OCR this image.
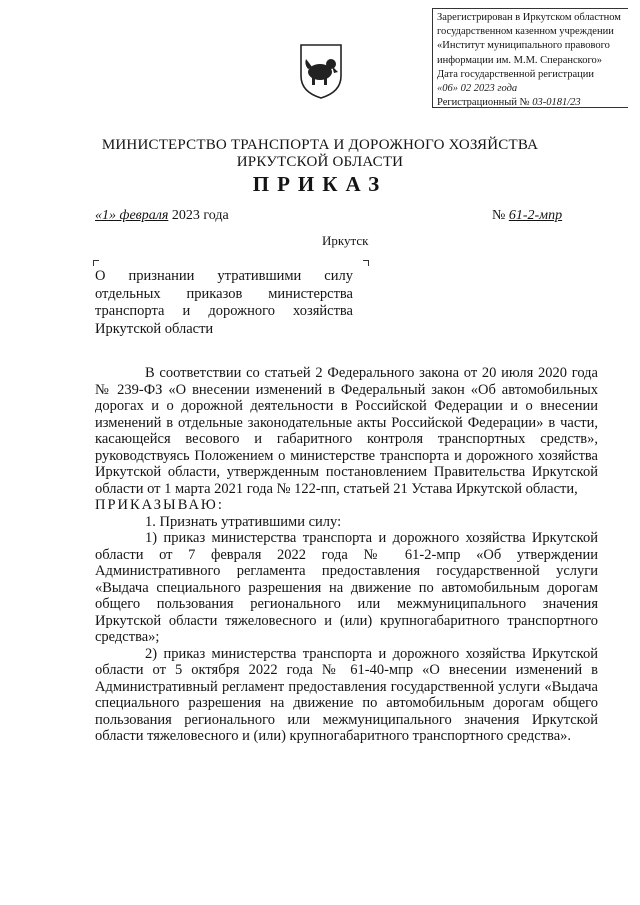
Зарегистрирован в Иркутском областном
государственном казенном учреждении
«Институт муниципального правового
информации им. М.М. Сперанского»
Дата государственной регистрации
«06» 02 2023 года
Регистрационный № 03-0181/23
МИНИСТЕРСТВО ТРАНСПОРТА И ДОРОЖНОГО ХОЗЯЙСТВА
ИРКУТСКОЙ ОБЛАСТИ
ПРИКАЗ
«1» февраля 2023 года	№ 61-2-мпр
Иркутск
О признании утратившими силу отдельных приказов министерства транспорта и дорожного хозяйства Иркутской области

В соответствии со статьей 2 Федерального закона от 20 июля 2020 года № 239-ФЗ «О внесении изменений в Федеральный закон «Об автомобильных дорогах и о дорожной деятельности в Российской Федерации и о внесении изменений в отдельные законодательные акты Российской Федерации» в части, касающейся весового и габаритного контроля транспортных средств», руководствуясь Положением о министерстве транспорта и дорожного хозяйства Иркутской области, утвержденным постановлением Правительства Иркутской области от 1 марта 2021 года № 122-пп, статьей 21 Устава Иркутской области,

ПРИКАЗЫВАЮ:

1. Признать утратившими силу:

1) приказ министерства транспорта и дорожного хозяйства Иркутской области от 7 февраля 2022 года № 61-2-мпр «Об утверждении Административного регламента предоставления государственной услуги «Выдача специального разрешения на движение по автомобильным дорогам общего пользования регионального или межмуниципального значения Иркутской области тяжеловесного и (или) крупногабаритного транспортного средства»;

2) приказ министерства транспорта и дорожного хозяйства Иркутской области от 5 октября 2022 года № 61-40-мпр «О внесении изменений в Административный регламент предоставления государственной услуги «Выдача специального разрешения на движение по автомобильным дорогам общего пользования регионального или межмуниципального значения Иркутской области тяжеловесного и (или) крупногабаритного транспортного средства».
